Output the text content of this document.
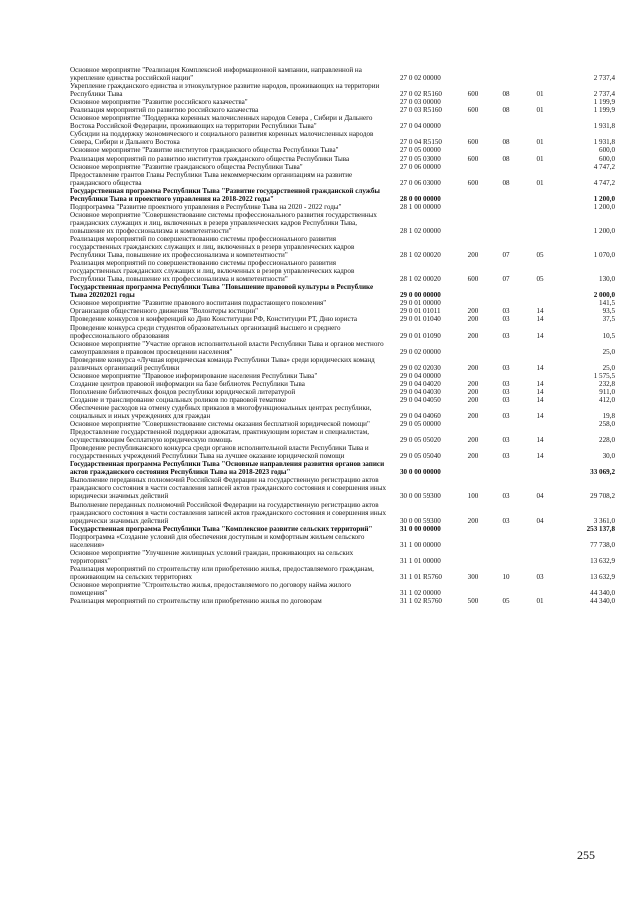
Основное мероприятие "Реализация Комплексной информационной кампании, направленной на укрепление единства российской нации"	27 0 02 00000	2 737,4
Укрепление гражданского единства и этнокультурное развитие народов, проживающих на территории Республики Тыва	27 0 02 R5160	600	08	01	2 737,4
Основное мероприятие "Развитие российского казачества"	27 0 03 00000	1 199,9
Реализация мероприятий по развитию российского казачества	27 0 03 R5160	600	08	01	1 199,9
Основное мероприятие "Поддержка коренных малочисленных народов Севера , Сибири и Дальнего Востока Российской Федерации, проживающих на территории Республики Тыва"	27 0 04 00000	1 931,8
Субсидии на поддержку экономического и социального развития коренных малочисленных народов Севера, Сибири и Дальнего Востока	27 0 04 R5150	600	08	01	1 931,8
Основное мероприятие "Развитие институтов гражданского общества Республики Тыва"	27 0 05 00000	600,0
Реализация мероприятий по развитию институтов гражданского общества Республики Тыва	27 0 05 03000	600	08	01	600,0
Основное мероприятие "Развитие гражданского общества Республики Тыва"	27 0 06 00000	4 747,2
Предоставление грантов Главы Республики Тыва некоммерческим организациям на развитие гражданского общества	27 0 06 03000	600	08	01	4 747,2
Государственная программа Республики Тыва "Развитие государственной гражданской службы Республики Тыва и проектного управления на 2018-2022 годы"	28 0 00 00000	1 200,0
Подпрограмма "Развитие проектного управления в Республике Тыва на 2020 - 2022 годы"	28 1 00 00000	1 200,0
Основное мероприятие "Совершенствование системы профессионального развития государственных гражданских служащих и лиц, включенных в резерв управленческих кадров Республики Тыва, повышение их профессионализма и компетентности"	28 1 02 00000	1 200,0
Реализация мероприятий по совершенствованию системы профессионального развития государственных гражданских служащих и лиц, включенных в резерв управленческих кадров Республики Тыва, повышение их профессионализма и компетентности"	28 1 02 00020	200	07	05	1 070,0
Реализация мероприятий по совершенствованию системы профессионального развития государственных гражданских служащих и лиц, включенных в резерв управленческих кадров Республики Тыва, повышение их профессионализма и компетентности"	28 1 02 00020	600	07	05	130,0
Государственная программа Республики Тыва "Повышение правовой культуры в Республике Тыва 20202021 годы	29 0 00 00000	2 000,0
Основное мероприятие "Развитие правового воспитания подрастающего поколения"	29 0 01 00000	141,5
Организация общественного движения "Волонтеры юстиции"	29 0 01 01011	200	03	14	93,5
Проведение конкурсов и конференций ко Дню Конституции РФ, Конституции РТ, Дню юриста	29 0 01 01040	200	03	14	37,5
Проведение конкурса среди студентов образовательных организаций высшего и среднего профессионального образования	29 0 01 01090	200	03	14	10,5
Основное мероприятие "Участие органов исполнительной власти Республики Тыва и органов местного самоуправления в правовом просвещении населения"	29 0 02 00000	25,0
Проведение конкурса «Лучшая юридическая команда Республики Тыва» среди юридических команд различных организаций республики	29 0 02 02030	200	03	14	25,0
Основное мероприятие "Правовое информирование населения Республики Тыва"	29 0 04 00000	1 575,5
Создание центров правовой информации на базе библиотек Республики Тыва	29 0 04 04020	200	03	14	232,8
Пополнение библиотечных фондов республики юридической литературой	29 0 04 04030	200	03	14	911,0
Создание и транслирование социальных роликов по правовой тематике	29 0 04 04050	200	03	14	412,0
Обеспечение расходов на отмену судебных приказов в многофункциональных центрах республики, социальных и иных учреждениях для граждан	29 0 04 04060	200	03	14	19,8
Основное мероприятие "Совершенствование системы оказания бесплатной юридической помощи"	29 0 05 00000	258,0
Предоставление государственной поддержки адвокатам, практикующим юристам и специалистам, осуществляющим бесплатную юридическую помощь	29 0 05 05020	200	03	14	228,0
Проведение республиканского конкурса среди органов исполнительной власти Республики Тыва и государственных учреждений Республики Тыва на лучшее оказание юридической помощи	29 0 05 05040	200	03	14	30,0
Государственная программа Республики Тыва "Основные направления развития органов записи актов гражданского состояния Республики Тыва на 2018-2023 годы"	30 0 00 00000	33 069,2
Выполнение переданных полномочий Российской Федерации на государственную регистрацию актов гражданского состояния в части составления записей актов гражданского состояния и совершения иных юридически значимых действий	30 0 00 59300	100	03	04	29 708,2
Выполнение переданных полномочий Российской Федерации на государственную регистрацию актов гражданского состояния в части составления записей актов гражданского состояния и совершения иных юридически значимых действий	30 0 00 59300	200	03	04	3 361,0
Государственная программа Республики Тыва "Комплексное развитие сельских территорий"	31 0 00 00000	253 137,8
Подпрограмма «Создание условий для обеспечения доступным и комфортным жильем сельского населения»	31 1 00 00000	77 738,0
Основное мероприятие "Улучшение жилищных условий граждан, проживающих на сельских территориях"	31 1 01 00000	13 632,9
Реализация мероприятий по строительству или приобретению жилья, предоставляемого гражданам, проживающим на сельских территориях	31 1 01 R5760	300	10	03	13 632,9
Основное мероприятие "Строительство жилья, предоставляемого по договору найма жилого помещения"	31 1 02 00000	44 340,0
Реализация мероприятий по строительству или приобретению жилья по договорам	31 1 02 R5760	500	05	01	44 340,0
255
